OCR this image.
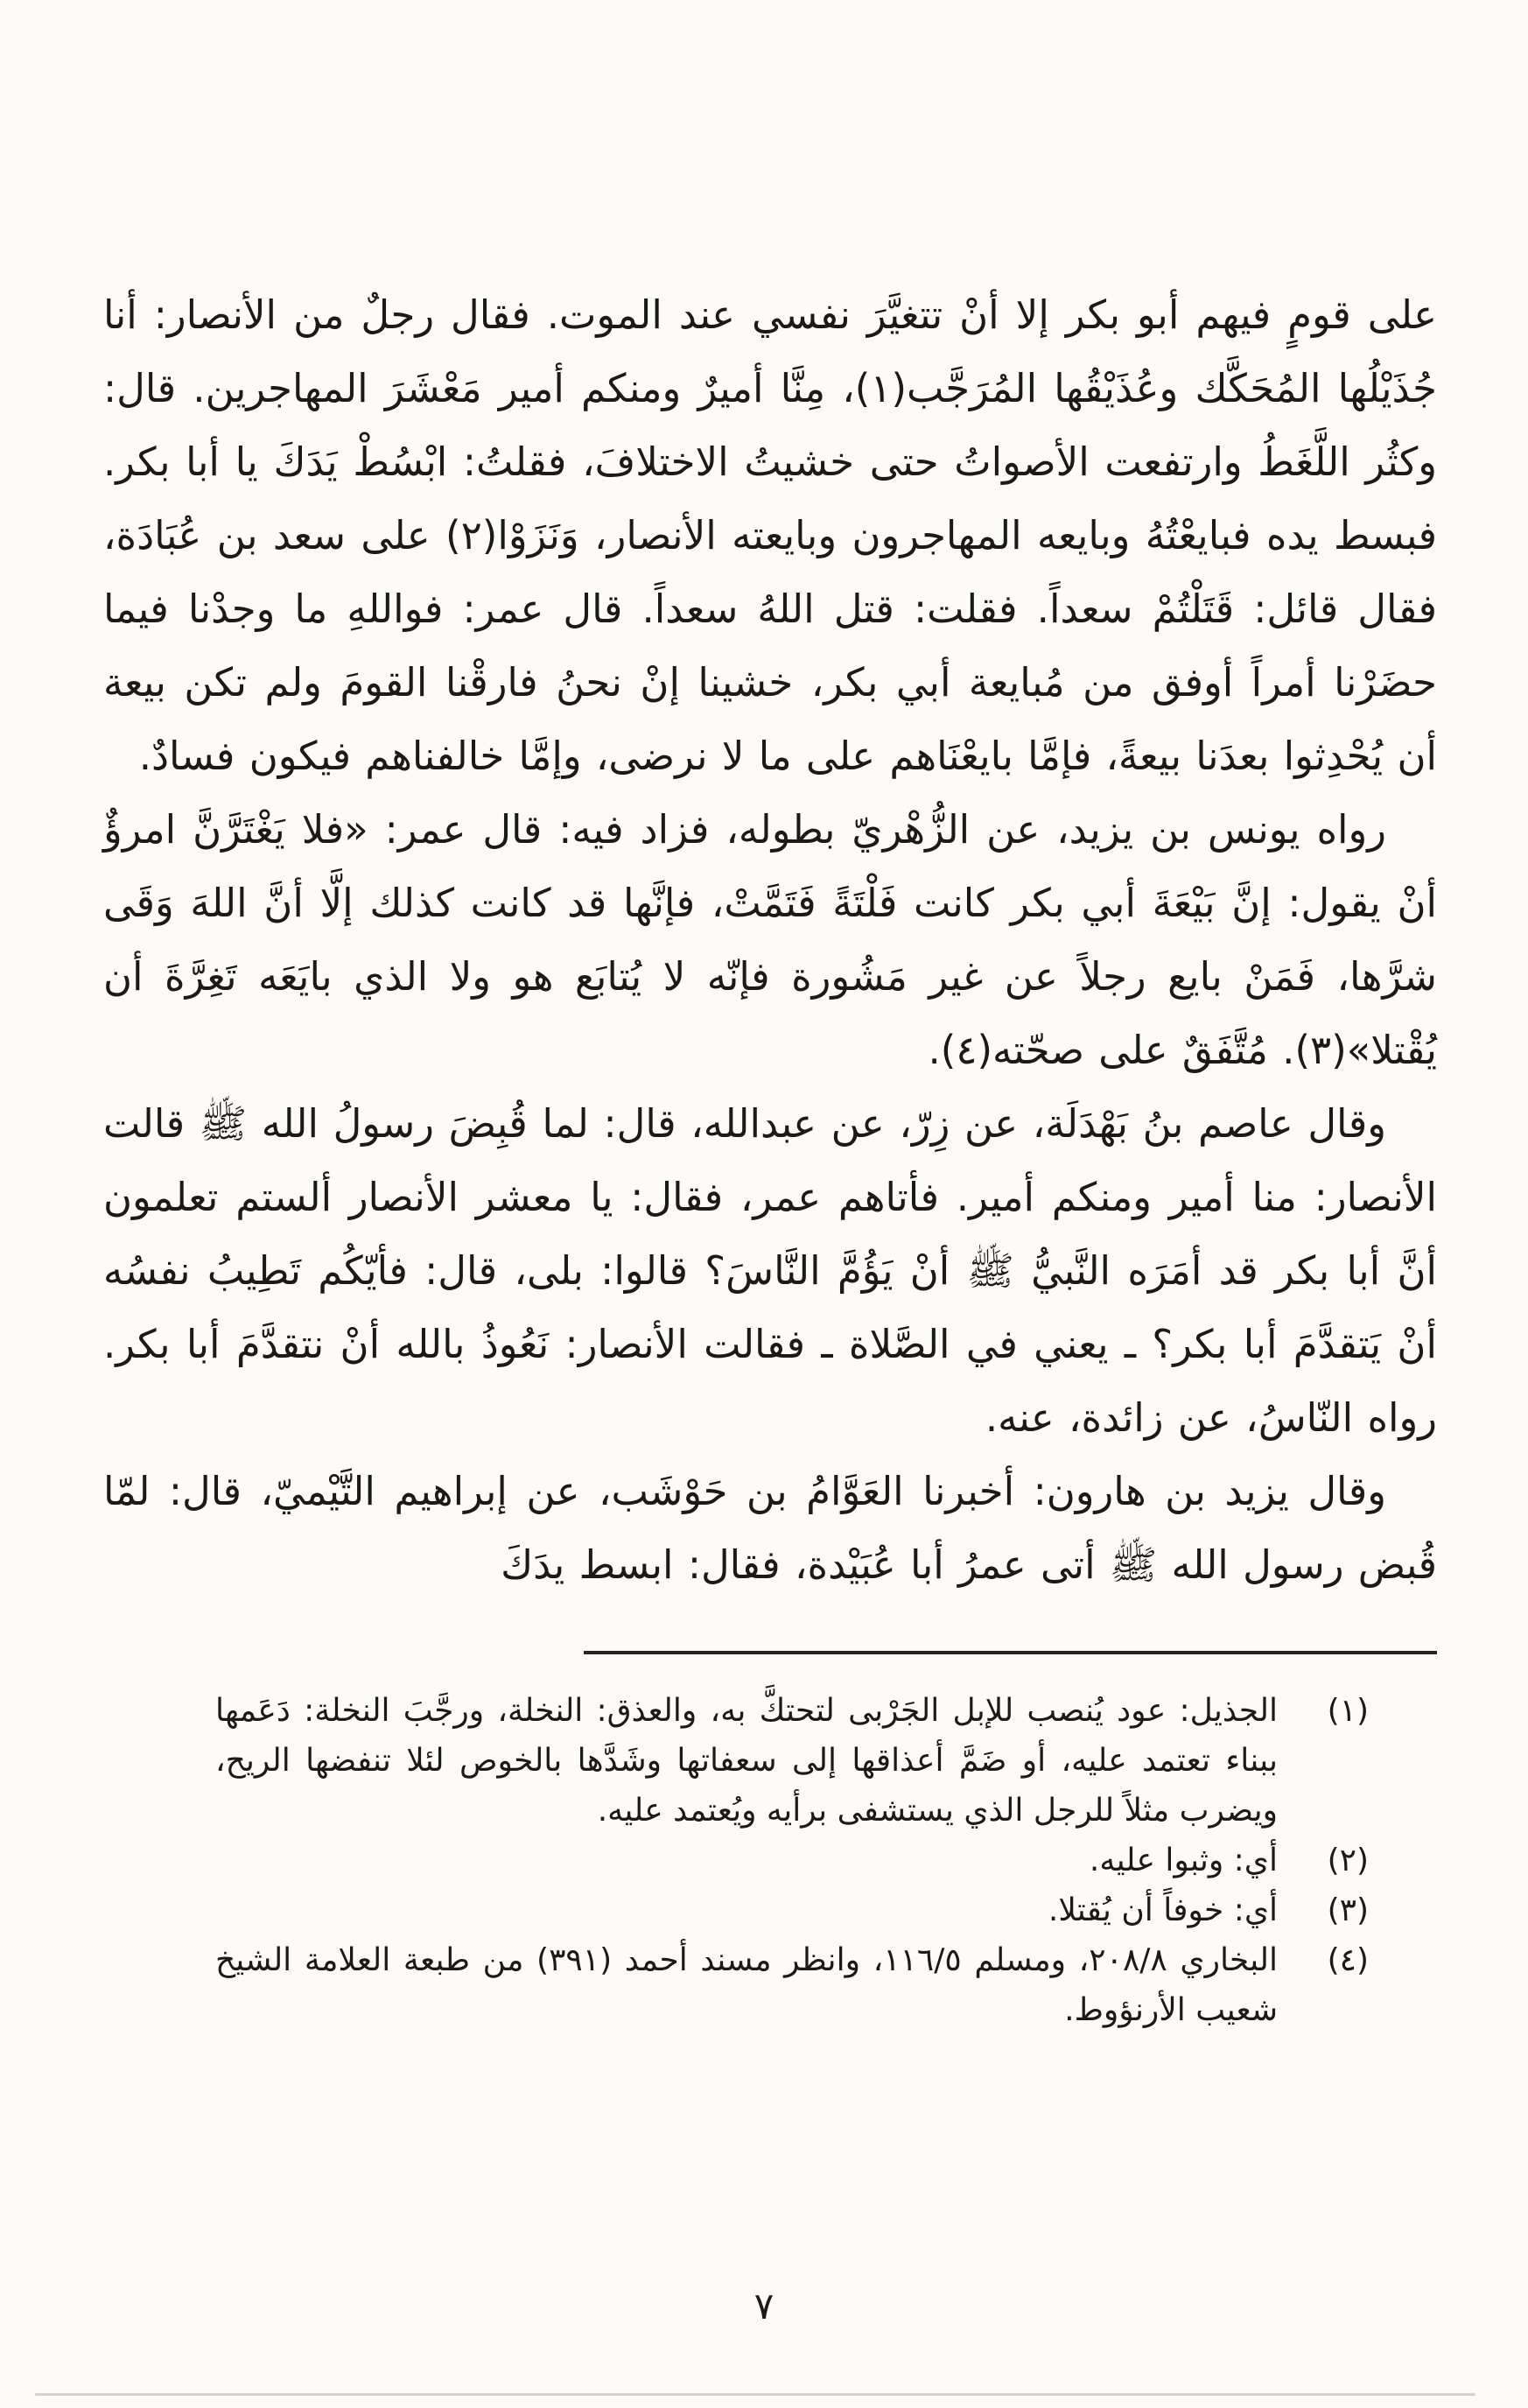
على قومٍ فيهم أبو بكر إلا أنْ تتغيَّرَ نفسي عند الموت. فقال رجلٌ من الأنصار: أنا جُذَيْلُها المُحَكَّك وعُذَيْقُها المُرَجَّب(١)، مِنَّا أميرٌ ومنكم أمير مَعْشَرَ المهاجرين. قال: وكثُر اللَّغَطُ وارتفعت الأصواتُ حتى خشيتُ الاختلافَ، فقلتُ: ابْسُطْ يَدَكَ يا أبا بكر. فبسط يده فبايعْتُهُ وبايعه المهاجرون وبايعته الأنصار، وَنَزَوْا(٢) على سعد بن عُبَادَة، فقال قائل: قَتَلْتُمْ سعداً. فقلت: قتل اللهُ سعداً. قال عمر: فواللهِ ما وجدْنا فيما حضَرْنا أمراً أوفق من مُبايعة أبي بكر، خشينا إنْ نحنُ فارقْنا القومَ ولم تكن بيعة أن يُحْدِثوا بعدَنا بيعةً، فإمَّا بايعْنَاهم على ما لا نرضى، وإمَّا خالفناهم فيكون فسادٌ.

رواه يونس بن يزيد، عن الزُّهْريّ بطوله، فزاد فيه: قال عمر: «فلا يَغْتَرَّنَّ امرؤٌ أنْ يقول: إنَّ بَيْعَةَ أبي بكر كانت فَلْتَةً فَتَمَّتْ، فإنَّها قد كانت كذلك إلَّا أنَّ اللهَ وَقَى شرَّها، فَمَنْ بايع رجلاً عن غير مَشُورة فإنّه لا يُتابَع هو ولا الذي بايَعَه تَغِرَّةَ أن يُقْتلا»(٣). مُتَّفَقٌ على صحّته(٤).

وقال عاصم بنُ بَهْدَلَة، عن زِرّ، عن عبدالله، قال: لما قُبِضَ رسولُ الله ﷺ قالت الأنصار: منا أمير ومنكم أمير. فأتاهم عمر، فقال: يا معشر الأنصار ألستم تعلمون أنَّ أبا بكر قد أمَرَه النَّبيُّ ﷺ أنْ يَؤُمَّ النَّاسَ؟ قالوا: بلى، قال: فأيّكُم تَطِيبُ نفسُه أنْ يَتقدَّمَ أبا بكر؟ ـ يعني في الصَّلاة ـ فقالت الأنصار: نَعُوذُ بالله أنْ نتقدَّمَ أبا بكر. رواه النّاسُ، عن زائدة، عنه.

وقال يزيد بن هارون: أخبرنا العَوَّامُ بن حَوْشَب، عن إبراهيم التَّيْميّ، قال: لمّا قُبض رسول الله ﷺ أتى عمرُ أبا عُبَيْدة، فقال: ابسط يدَكَ

(١)
الجذيل: عود يُنصب للإبل الجَرْبى لتحتكَّ به، والعذق: النخلة، ورجَّبَ النخلة: دَعَمها ببناء تعتمد عليه، أو ضَمَّ أعذاقها إلى سعفاتها وشَدَّها بالخوص لئلا تنفضها الريح، ويضرب مثلاً للرجل الذي يستشفى برأيه ويُعتمد عليه.
(٢)
أي: وثبوا عليه.
(٣)
أي: خوفاً أن يُقتلا.
(٤)
البخاري ٢٠٨/٨، ومسلم ١١٦/٥، وانظر مسند أحمد (٣٩١) من طبعة العلامة الشيخ شعيب الأرنؤوط.
٧
